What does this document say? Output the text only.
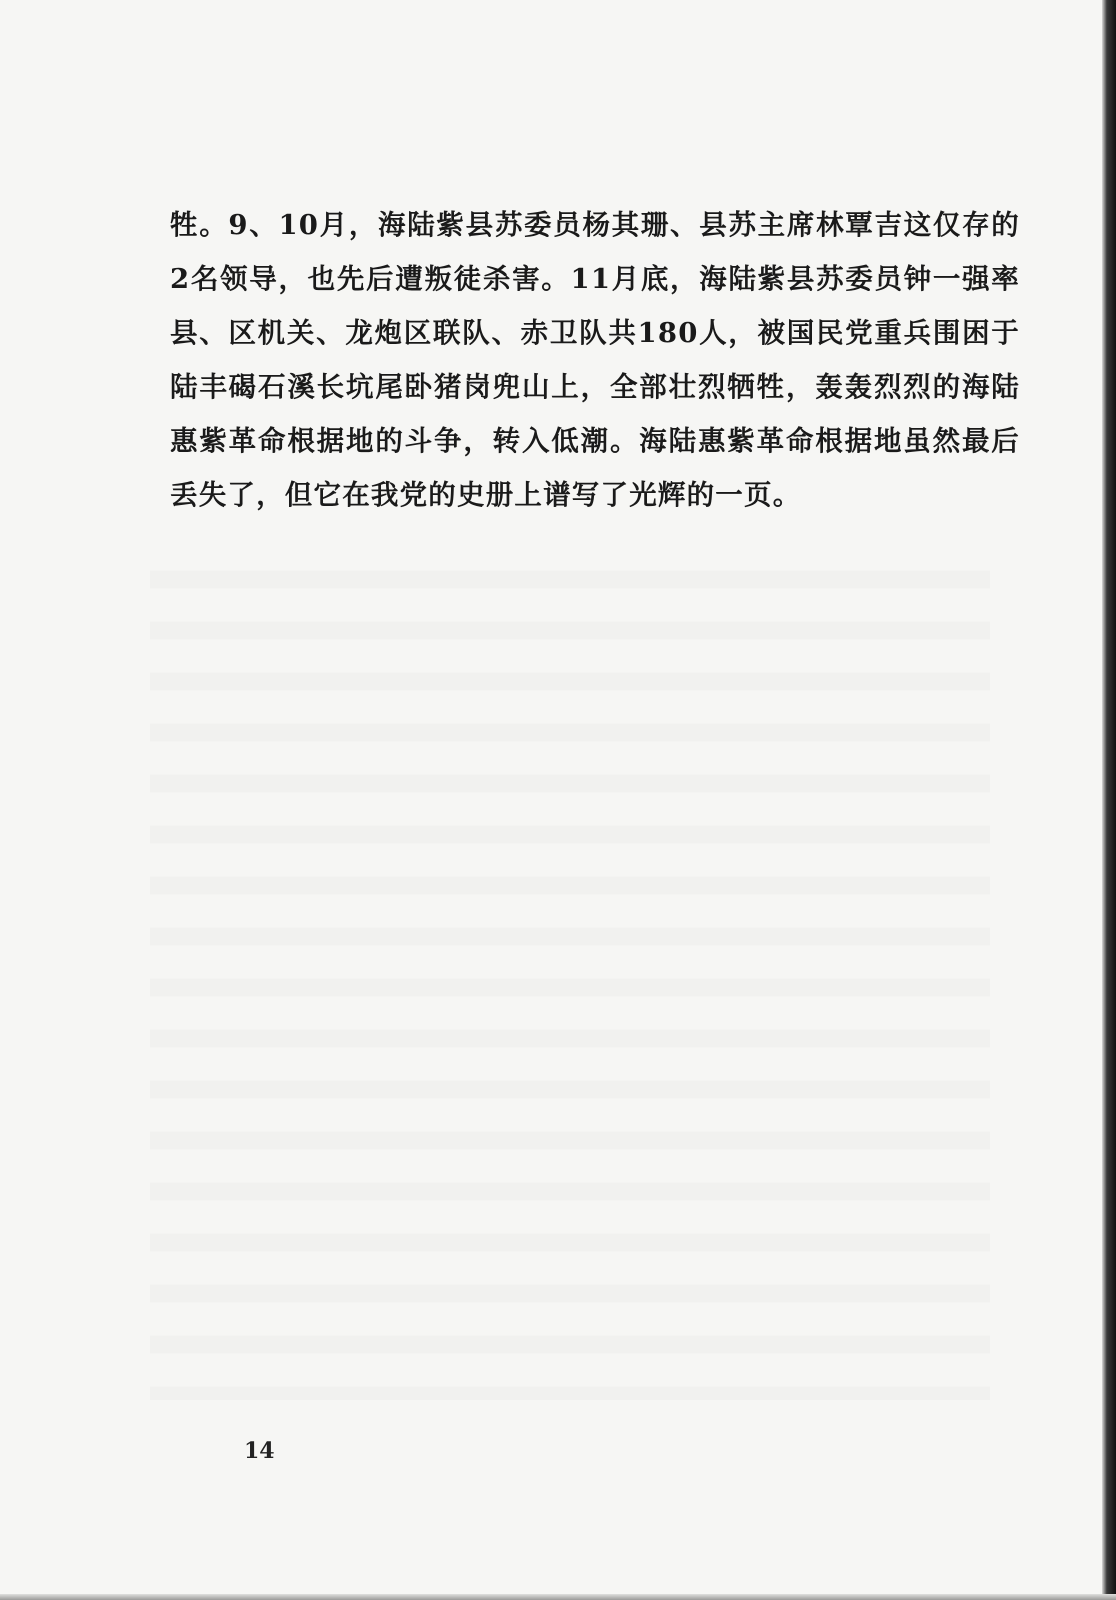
牲。9、10月，海陆紫县苏委员杨其珊、县苏主席林覃吉这仅存的2名领导，也先后遭叛徒杀害。11月底，海陆紫县苏委员钟一强率县、区机关、龙炮区联队、赤卫队共180人，被国民党重兵围困于陆丰碣石溪长坑尾卧猪岗兜山上，全部壮烈牺牲，轰轰烈烈的海陆惠紫革命根据地的斗争，转入低潮。海陆惠紫革命根据地虽然最后丢失了，但它在我党的史册上谱写了光辉的一页。

14
